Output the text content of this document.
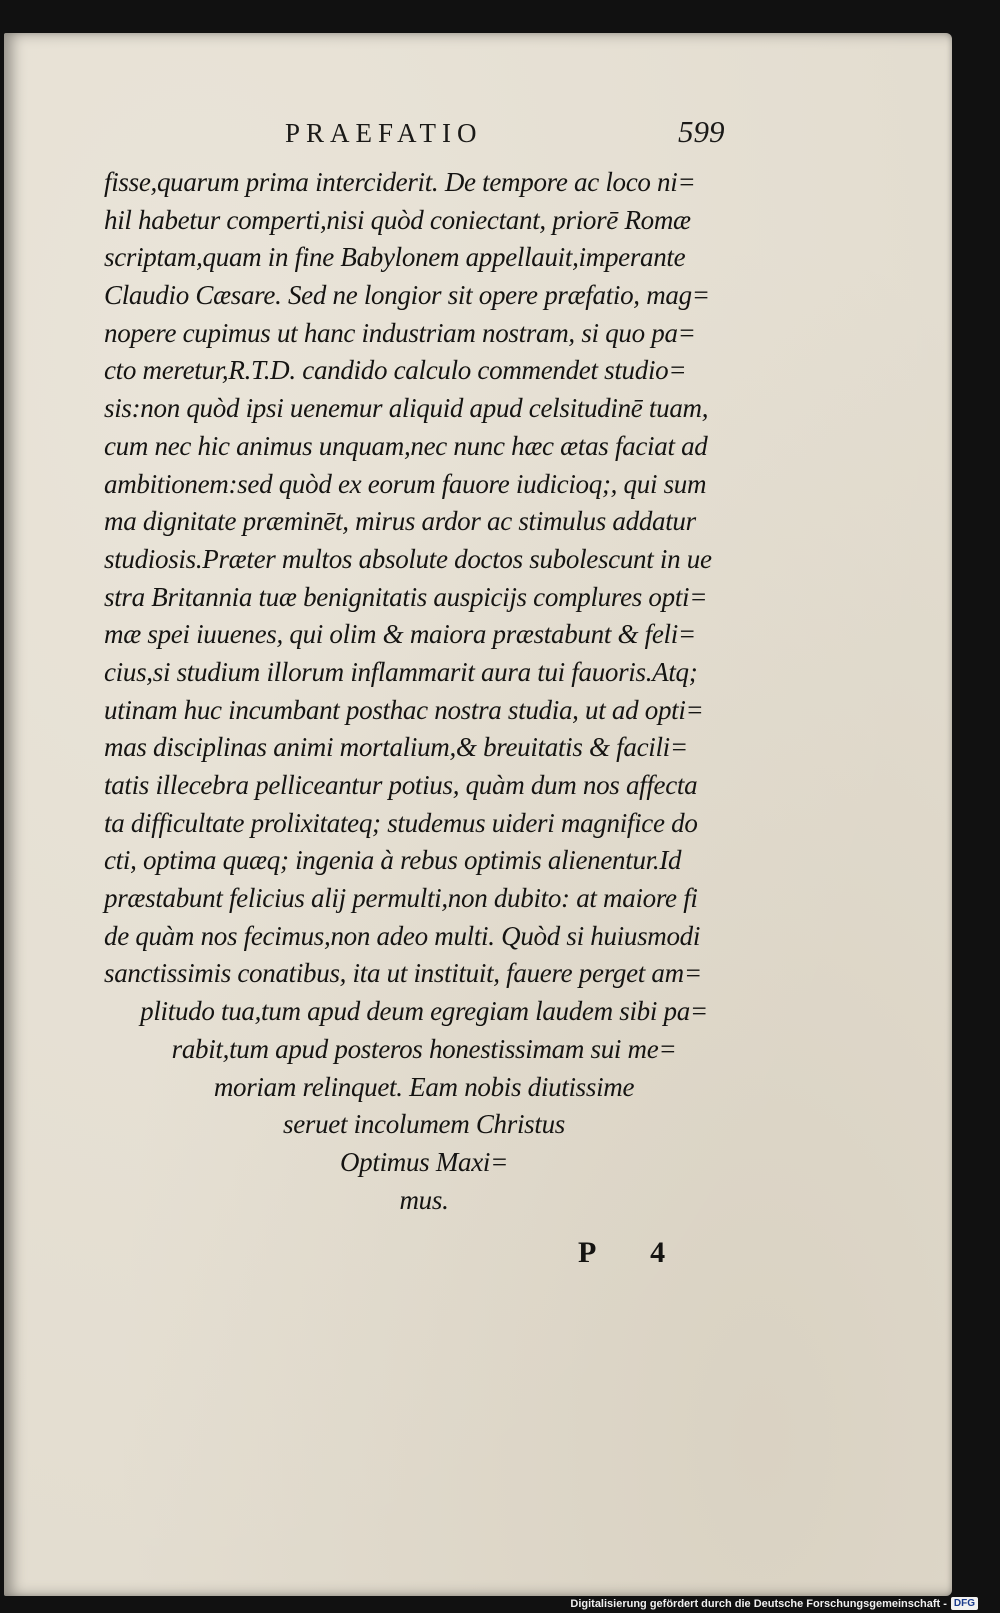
PRAEFATIO	599
fisse,quarum prima interciderit. De tempore ac loco ni=
hil habetur comperti,nisi quòd coniectant, priorē Romæ
scriptam,quam in fine Babylonem appellauit,imperante
Claudio Cæsare. Sed ne longior sit opere præfatio, mag=
nopere cupimus ut hanc industriam nostram, si quo pa=
cto meretur,R.T.D. candido calculo commendet studio=
sis:non quòd ipsi uenemur aliquid apud celsitudinē tuam,
cum nec hic animus unquam,nec nunc hæc ætas faciat ad
ambitionem:sed quòd ex eorum fauore iudicioq;, qui sum
ma dignitate præminēt, mirus ardor ac stimulus addatur
studiosis.Præter multos absolute doctos subolescunt in ue
stra Britannia tuæ benignitatis auspicijs complures opti=
mæ spei iuuenes, qui olim & maiora præstabunt & feli=
cius,si studium illorum inflammarit aura tui fauoris.Atq;
utinam huc incumbant posthac nostra studia, ut ad opti=
mas disciplinas animi mortalium,& breuitatis & facili=
tatis illecebra pelliceantur potius, quàm dum nos affecta
ta difficultate prolixitateq; studemus uideri magnifice do
cti, optima quæq; ingenia à rebus optimis alienentur.Id
præstabunt felicius alij permulti,non dubito: at maiore fi
de quàm nos fecimus,non adeo multi. Quòd si huiusmodi
sanctissimis conatibus, ita ut instituit, fauere perget am=
plitudo tua,tum apud deum egregiam laudem sibi pa=
rabit,tum apud posteros honestissimam sui me=
moriam relinquet. Eam nobis diutissime
seruet incolumem Christus
Optimus Maxi=
mus.
P 4
Digitalisierung gefördert durch die Deutsche Forschungsgemeinschaft - DFG
